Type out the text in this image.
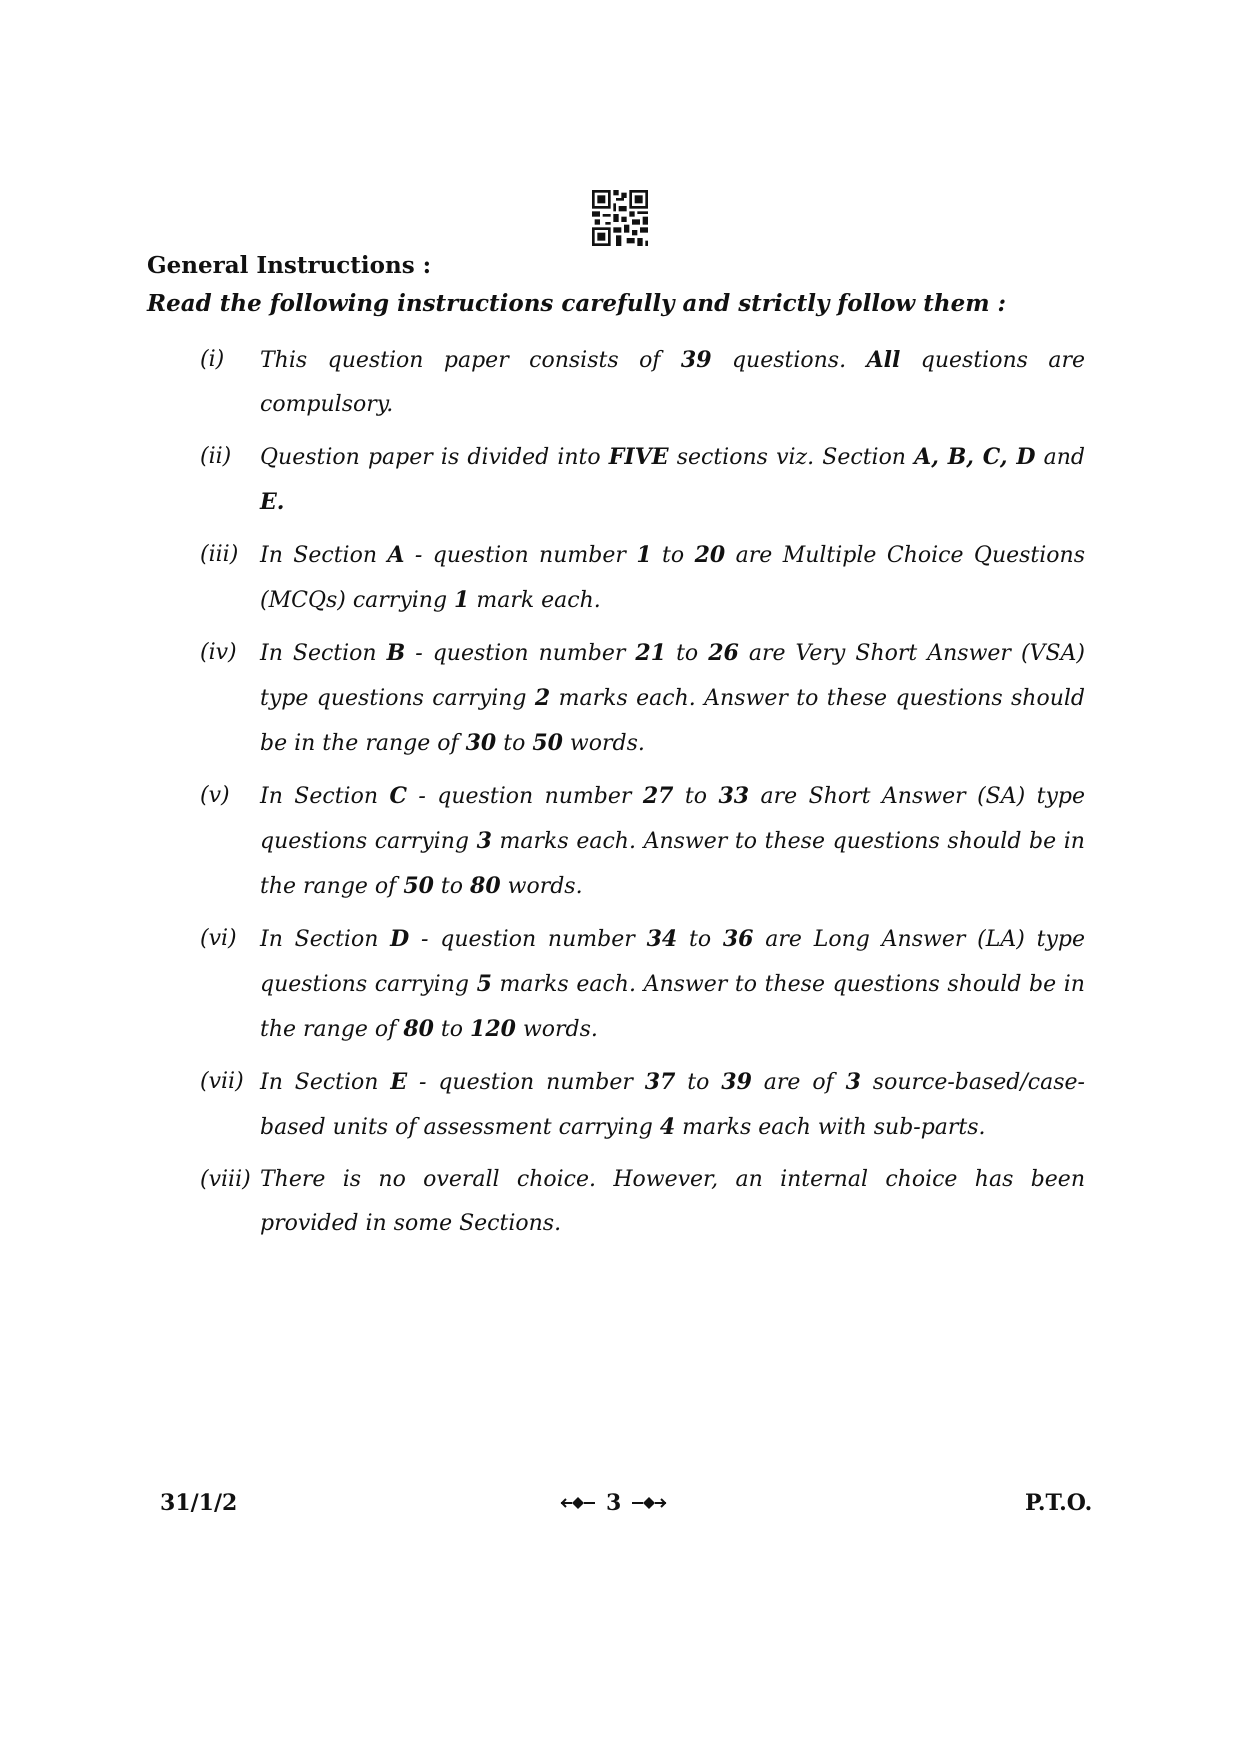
General Instructions :
Read the following instructions carefully and strictly follow them :
(i) This question paper consists of 39 questions. All questions are compulsory.
(ii) Question paper is divided into FIVE sections viz. Section A, B, C, D and E.
(iii) In Section A - question number 1 to 20 are Multiple Choice Questions (MCQs) carrying 1 mark each.
(iv) In Section B - question number 21 to 26 are Very Short Answer (VSA) type questions carrying 2 marks each. Answer to these questions should be in the range of 30 to 50 words.
(v) In Section C - question number 27 to 33 are Short Answer (SA) type questions carrying 3 marks each. Answer to these questions should be in the range of 50 to 80 words.
(vi) In Section D - question number 34 to 36 are Long Answer (LA) type questions carrying 5 marks each. Answer to these questions should be in the range of 80 to 120 words.
(vii) In Section E - question number 37 to 39 are of 3 source-based/case-based units of assessment carrying 4 marks each with sub-parts.
(viii) There is no overall choice. However, an internal choice has been provided in some Sections.
31/1/2	3	P.T.O.
